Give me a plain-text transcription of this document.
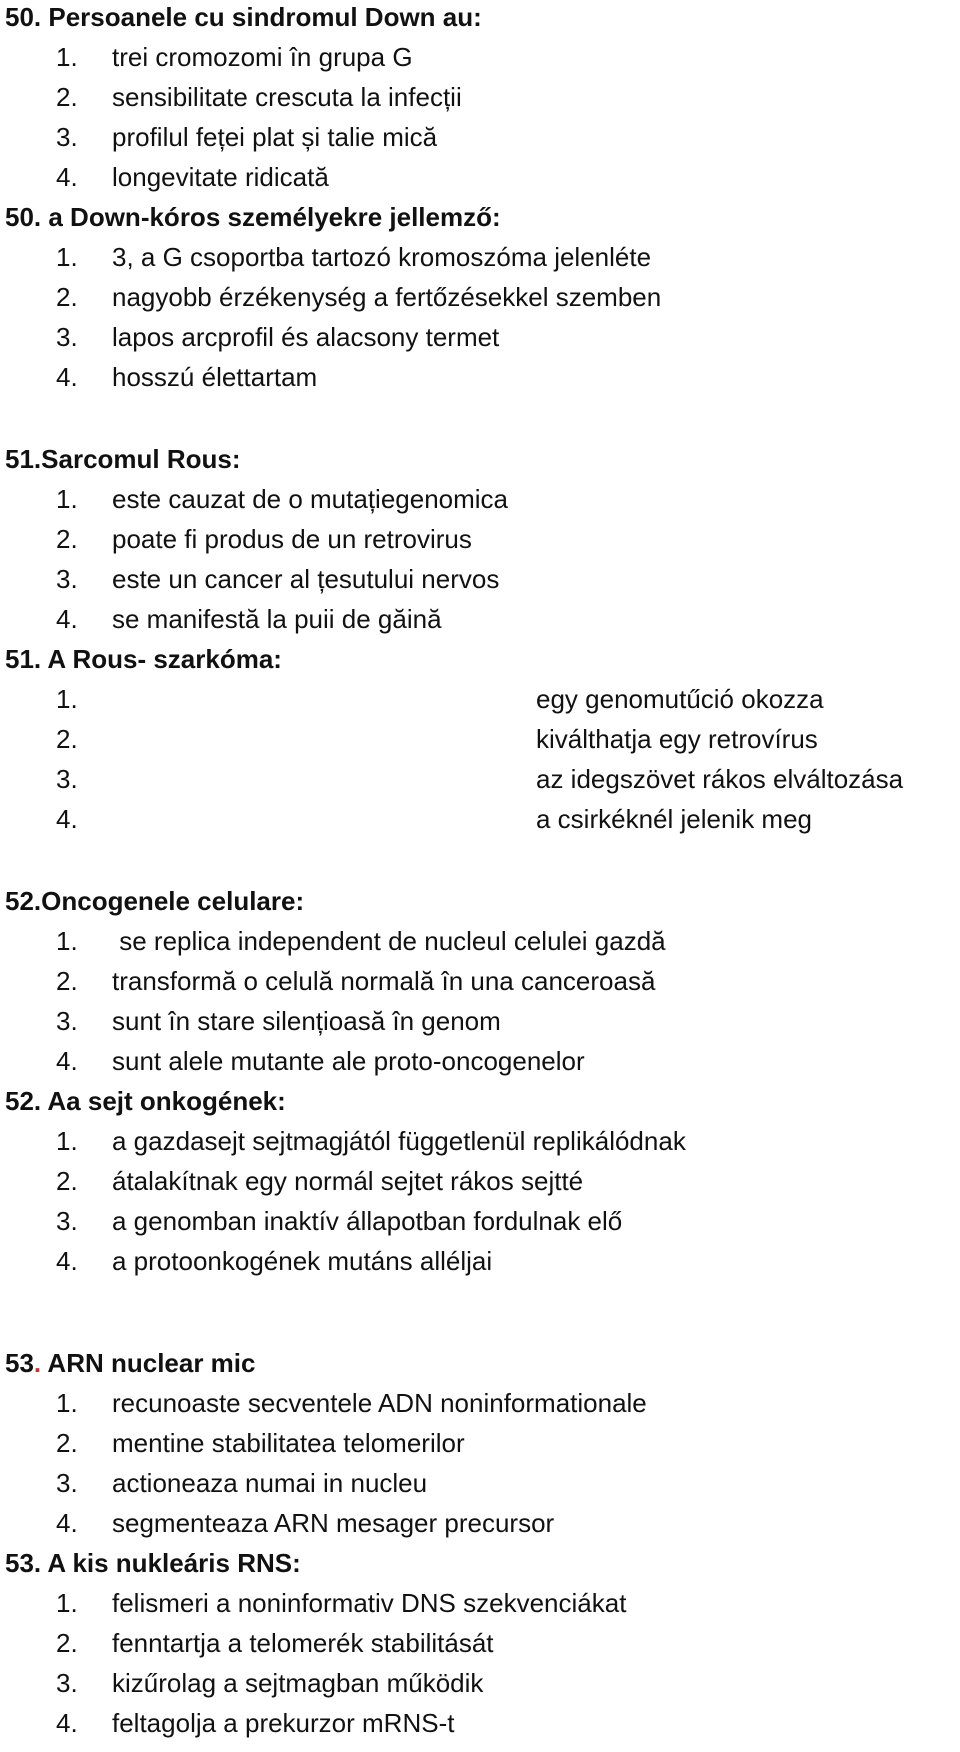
50. Persoanele cu sindromul Down au:
1. trei cromozomi în grupa G
2. sensibilitate crescuta la infecții
3. profilul feței plat și talie mică
4. longevitate ridicată
50. a Down-kóros személyekre jellemző:
1. 3, a G csoportba tartozó kromoszóma jelenléte
2. nagyobb érzékenység a fertőzésekkel szemben
3. lapos arcprofil és alacsony termet
4. hosszú élettartam
51.Sarcomul Rous:
1. este cauzat de o mutațiegenomica
2. poate fi produs de un retrovirus
3. este un cancer al țesutului nervos
4. se manifestă la puii de găină
51. A Rous- szarkóma:
1.	egy genomutűció okozza
2.	kiválthatja egy retrovírus
3.	az idegszövet rákos elváltozása
4.	a csirkéknél jelenik meg
52.Oncogenele celulare:
1. se replica independent de nucleul celulei gazdă
2. transformă o celulă normală în una canceroasă
3. sunt în stare silențioasă în genom
4. sunt alele mutante ale proto-oncogenelor
52. Aa sejt onkogének:
1. a gazdasejt sejtmagjától függetlenül replikálódnak
2. átalakítnak egy normál sejtet rákos sejtté
3. a genomban inaktív állapotban fordulnak elő
4. a protoonkogének mutáns alléljai
53. ARN nuclear mic
1. recunoaste secventele ADN noninformationale
2. mentine stabilitatea telomerilor
3. actioneaza numai in nucleu
4. segmenteaza ARN mesager precursor
53. A kis nukleáris RNS:
1. felismeri a noninformativ DNS szekvenciákat
2. fenntartja a telomerék stabilitását
3. kizűrolag a sejtmagban működik
4. feltagolja a prekurzor mRNS-t
